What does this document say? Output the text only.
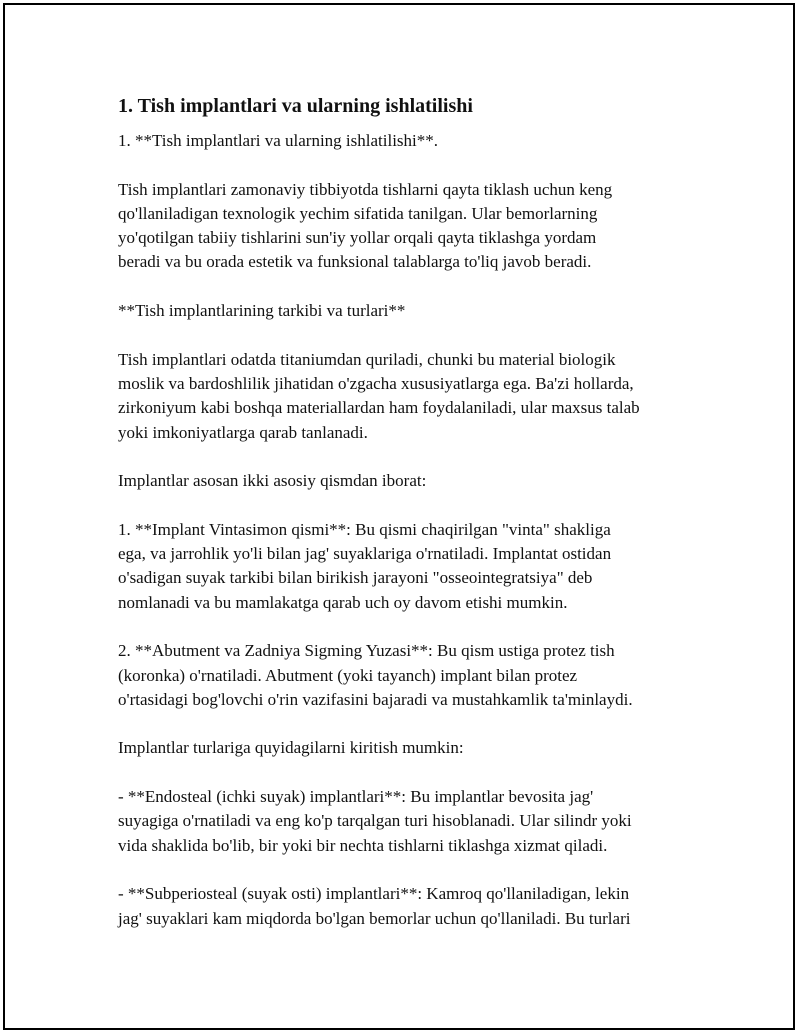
1. Tish implantlari va ularning ishlatilishi

1. **Tish implantlari va ularning ishlatilishi**.

Tish implantlari zamonaviy tibbiyotda tishlarni qayta tiklash uchun keng
qo'llaniladigan texnologik yechim sifatida tanilgan. Ular bemorlarning
yo'qotilgan tabiiy tishlarini sun'iy yollar orqali qayta tiklashga yordam
beradi va bu orada estetik va funksional talablarga to'liq javob beradi.

**Tish implantlarining tarkibi va turlari**

Tish implantlari odatda titaniumdan quriladi, chunki bu material biologik
moslik va bardoshlilik jihatidan o'zgacha xususiyatlarga ega. Ba'zi hollarda,
zirkoniyum kabi boshqa materiallardan ham foydalaniladi, ular maxsus talab
yoki imkoniyatlarga qarab tanlanadi.

Implantlar asosan ikki asosiy qismdan iborat:

1. **Implant Vintasimon qismi**: Bu qismi chaqirilgan "vinta" shakliga
ega, va jarrohlik yo'li bilan jag' suyaklariga o'rnatiladi. Implantat ostidan
o'sadigan suyak tarkibi bilan birikish jarayoni "osseointegratsiya" deb
nomlanadi va bu mamlakatga qarab uch oy davom etishi mumkin.

2. **Abutment va Zadniya Sigming Yuzasi**: Bu qism ustiga protez tish
(koronka) o'rnatiladi. Abutment (yoki tayanch) implant bilan protez
o'rtasidagi bog'lovchi o'rin vazifasini bajaradi va mustahkamlik ta'minlaydi.

Implantlar turlariga quyidagilarni kiritish mumkin:

- **Endosteal (ichki suyak) implantlari**: Bu implantlar bevosita jag'
suyagiga o'rnatiladi va eng ko'p tarqalgan turi hisoblanadi. Ular silindr yoki
vida shaklida bo'lib, bir yoki bir nechta tishlarni tiklashga xizmat qiladi.

- **Subperiosteal (suyak osti) implantlari**: Kamroq qo'llaniladigan, lekin
jag' suyaklari kam miqdorda bo'lgan bemorlar uchun qo'llaniladi. Bu turlari
